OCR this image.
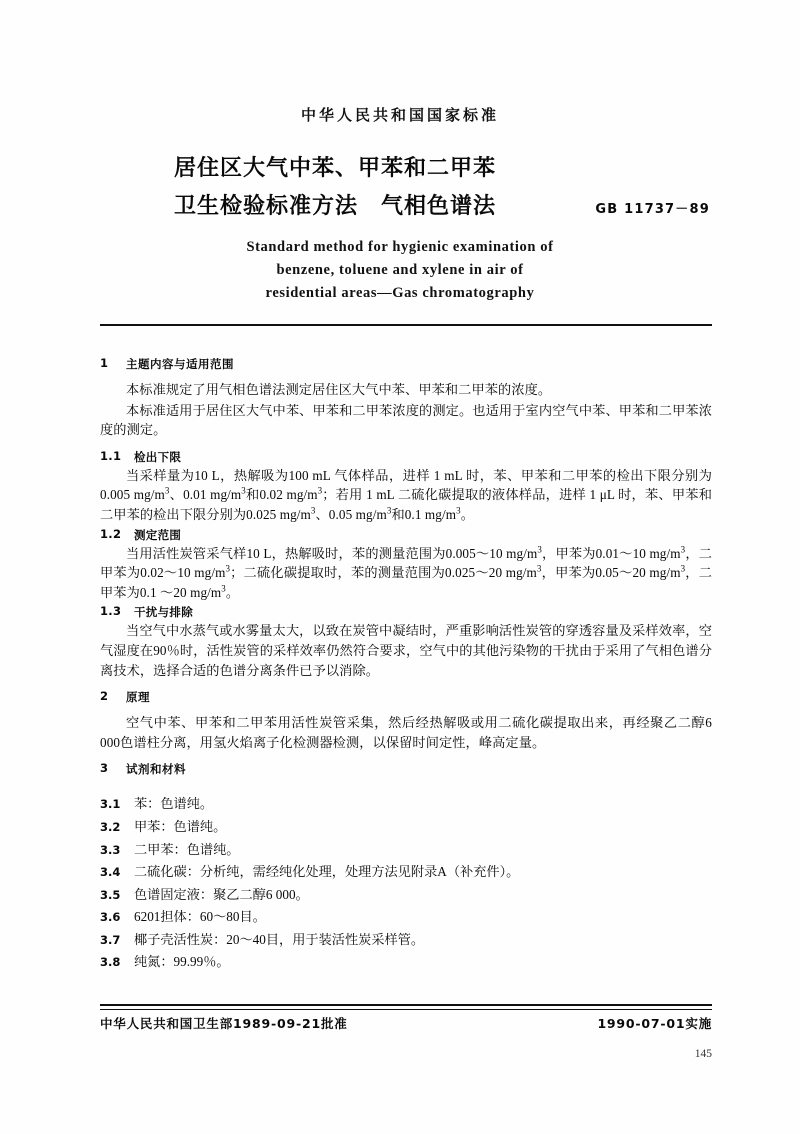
中华人民共和国国家标准
居住区大气中苯、甲苯和二甲苯
卫生检验标准方法　气相色谱法	GB 11737－89
Standard method for hygienic examination of
benzene, toluene and xylene in air of
residential areas—Gas chromatography
1	主题内容与适用范围

本标准规定了用气相色谱法测定居住区大气中苯、甲苯和二甲苯的浓度。

本标准适用于居住区大气中苯、甲苯和二甲苯浓度的测定。也适用于室内空气中苯、甲苯和二甲苯浓度的测定。

1.1	检出下限

当采样量为10 L，热解吸为100 mL 气体样品，进样 1 mL 时，苯、甲苯和二甲苯的检出下限分别为0.005 $mg/m^3$、0.01 $mg/m^3$和0.02 $mg/m^3$；若用 1 mL 二硫化碳提取的液体样品，进样 1 μL 时，苯、甲苯和二甲苯的检出下限分别为0.025 $mg/m^3$、0.05 $mg/m^3$和0.1 $mg/m^3$。

1.2	测定范围

当用活性炭管采气样10 L，热解吸时，苯的测量范围为0.005～10 $mg/m^3$，甲苯为0.01～10 $mg/m^3$，二甲苯为0.02～10 $mg/m^3$；二硫化碳提取时，苯的测量范围为0.025～20 $mg/m^3$，甲苯为0.05～20 $mg/m^3$，二甲苯为0.1 ～20 $mg/m^3$。

1.3	干扰与排除

当空气中水蒸气或水雾量太大，以致在炭管中凝结时，严重影响活性炭管的穿透容量及采样效率，空气湿度在90％时，活性炭管的采样效率仍然符合要求，空气中的其他污染物的干扰由于采用了气相色谱分离技术，选择合适的色谱分离条件已予以消除。

2	原理

空气中苯、甲苯和二甲苯用活性炭管采集，然后经热解吸或用二硫化碳提取出来，再经聚乙二醇6 000色谱柱分离，用氢火焰离子化检测器检测，以保留时间定性，峰高定量。

3	试剂和材料
3.1	苯：色谱纯。
3.2	甲苯：色谱纯。
3.3	二甲苯：色谱纯。
3.4	二硫化碳：分析纯，需经纯化处理，处理方法见附录A（补充件）。
3.5	色谱固定液：聚乙二醇6 000。
3.6	6201担体：60～80目。
3.7	椰子壳活性炭：20～40目，用于装活性炭采样管。
3.8	纯氮：99.99％。
中华人民共和国卫生部1989-09-21批准	1990-07-01实施
145
